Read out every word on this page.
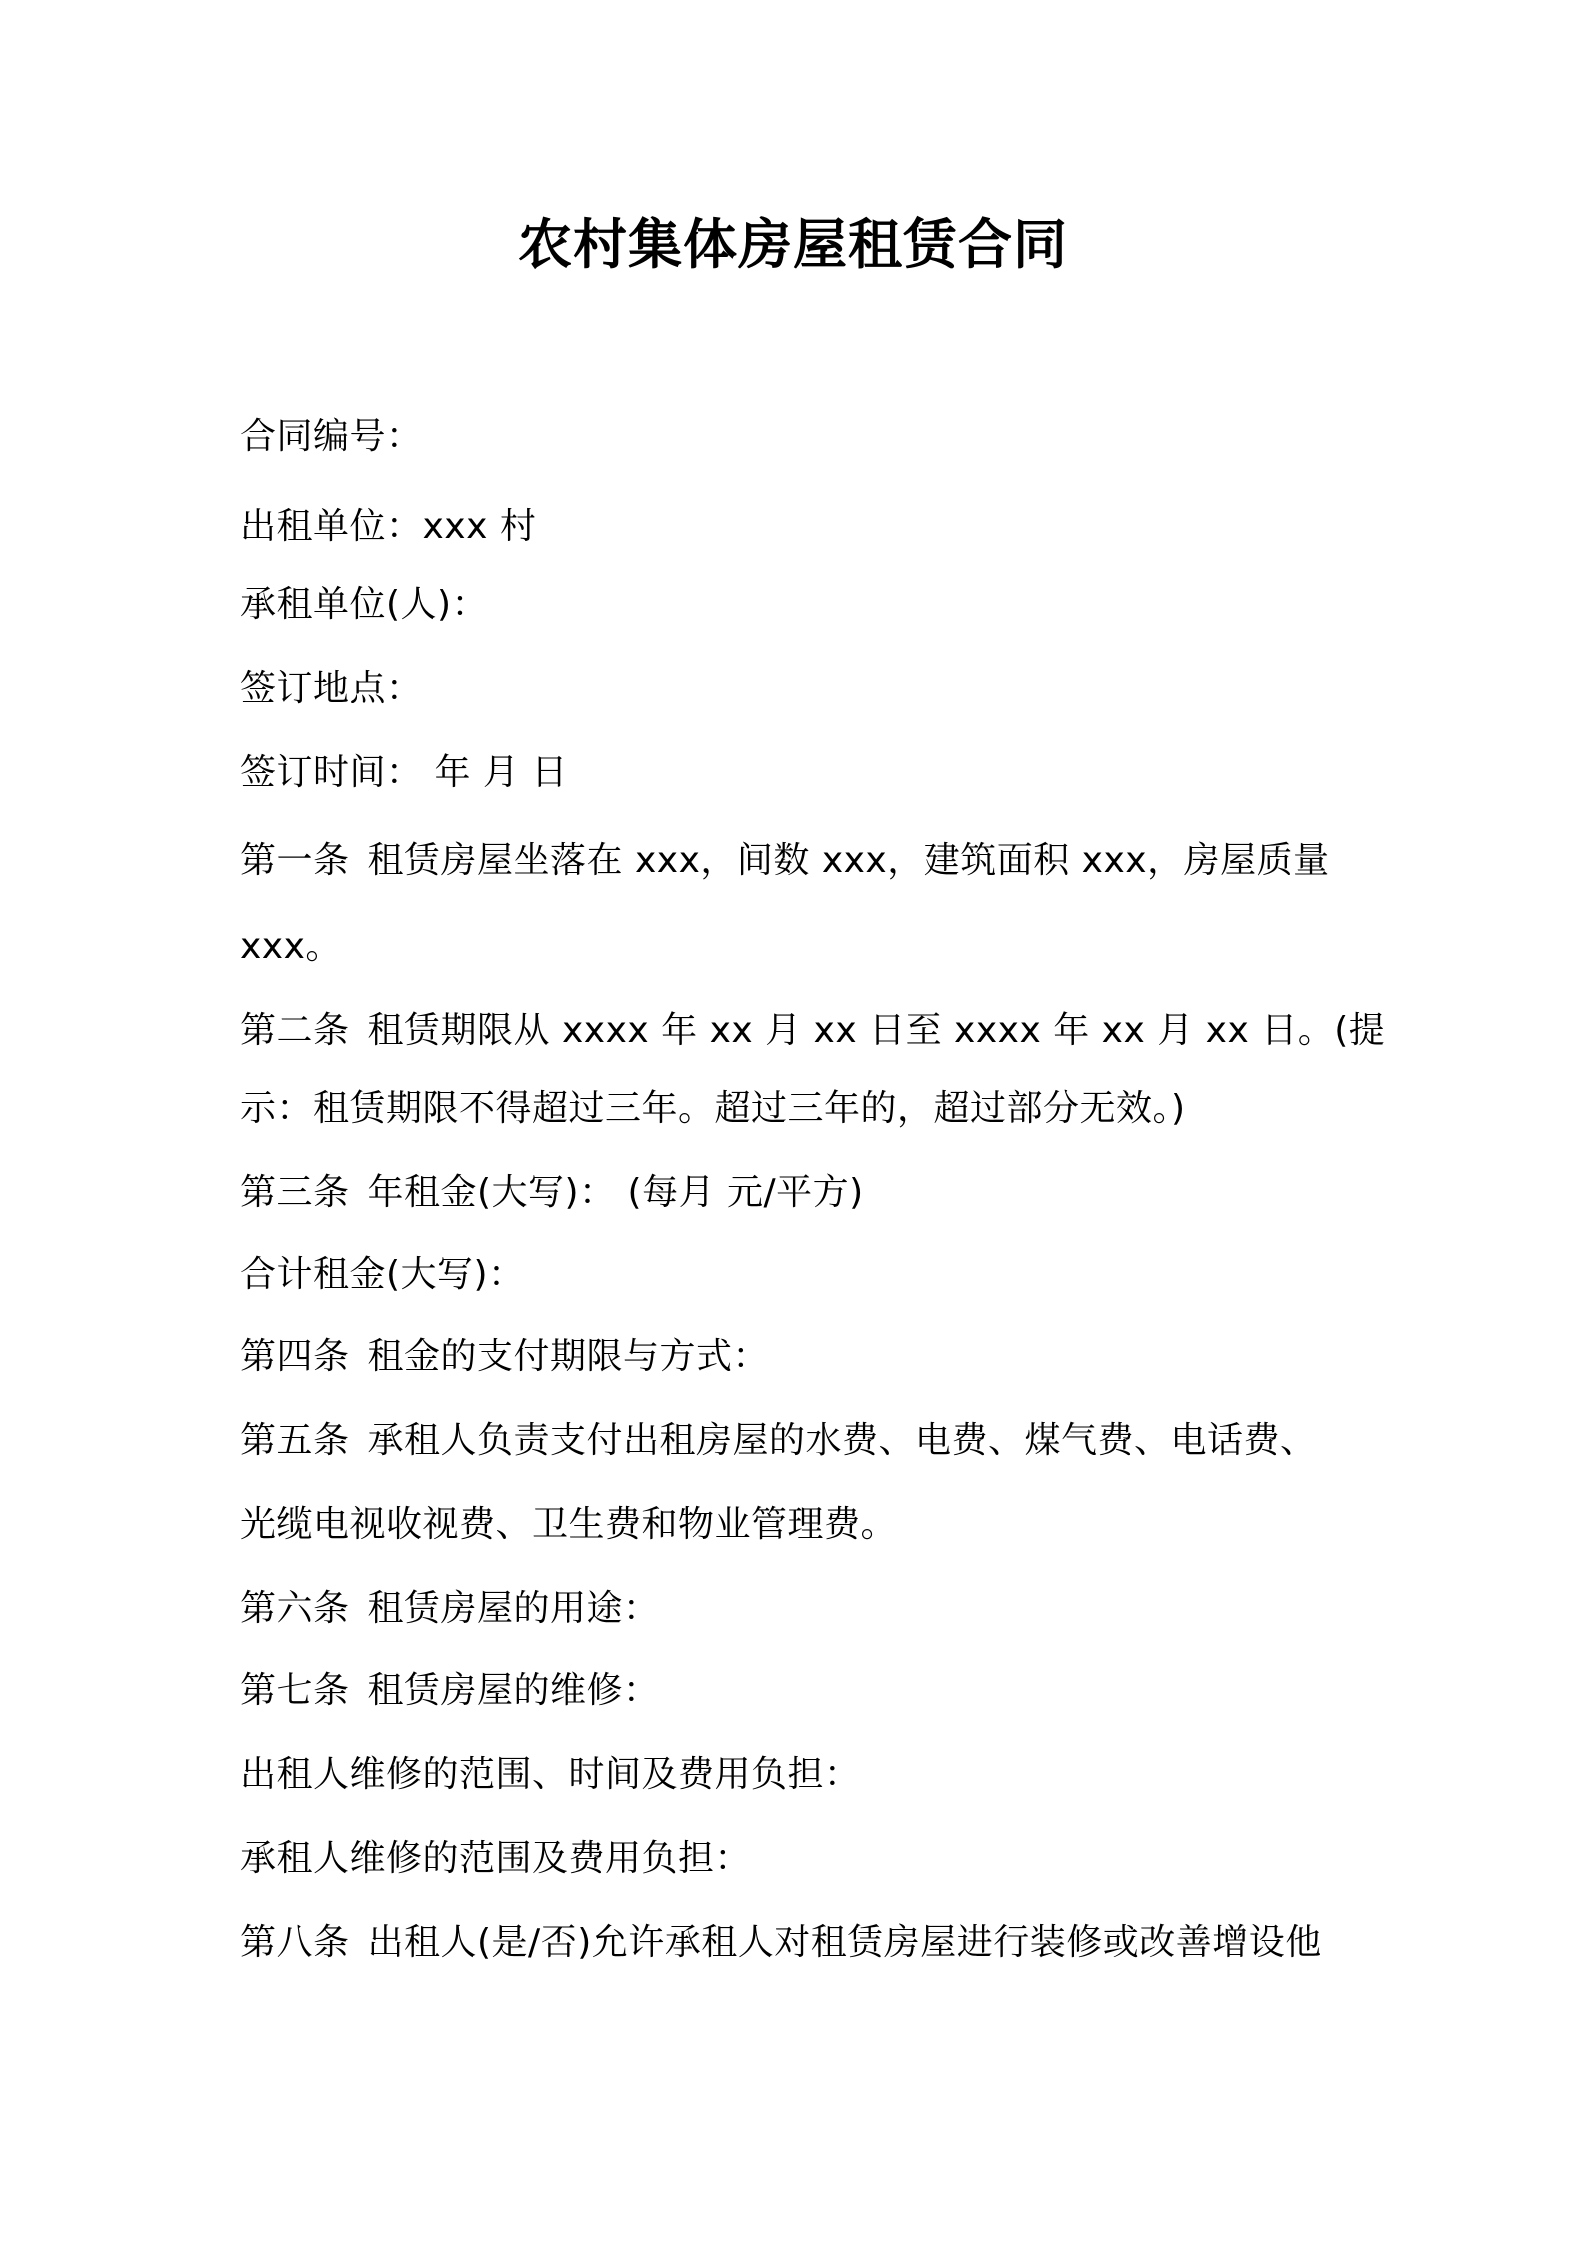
农村集体房屋租赁合同
合同编号：
出租单位：xxx 村
承租单位(人)：
签订地点：
签订时间： 年 月 日
第一条 租赁房屋坐落在 xxx，间数 xxx，建筑面积 xxx，房屋质量
xxx。
第二条 租赁期限从 xxxx 年 xx 月 xx 日至 xxxx 年 xx 月 xx 日。(提
示：租赁期限不得超过三年。超过三年的，超过部分无效。)
第三条 年租金(大写)： (每月 元/平方)
合计租金(大写)：
第四条 租金的支付期限与方式：
第五条 承租人负责支付出租房屋的水费、电费、煤气费、电话费、
光缆电视收视费、卫生费和物业管理费。
第六条 租赁房屋的用途：
第七条 租赁房屋的维修：
出租人维修的范围、时间及费用负担：
承租人维修的范围及费用负担：
第八条 出租人(是/否)允许承租人对租赁房屋进行装修或改善增设他
